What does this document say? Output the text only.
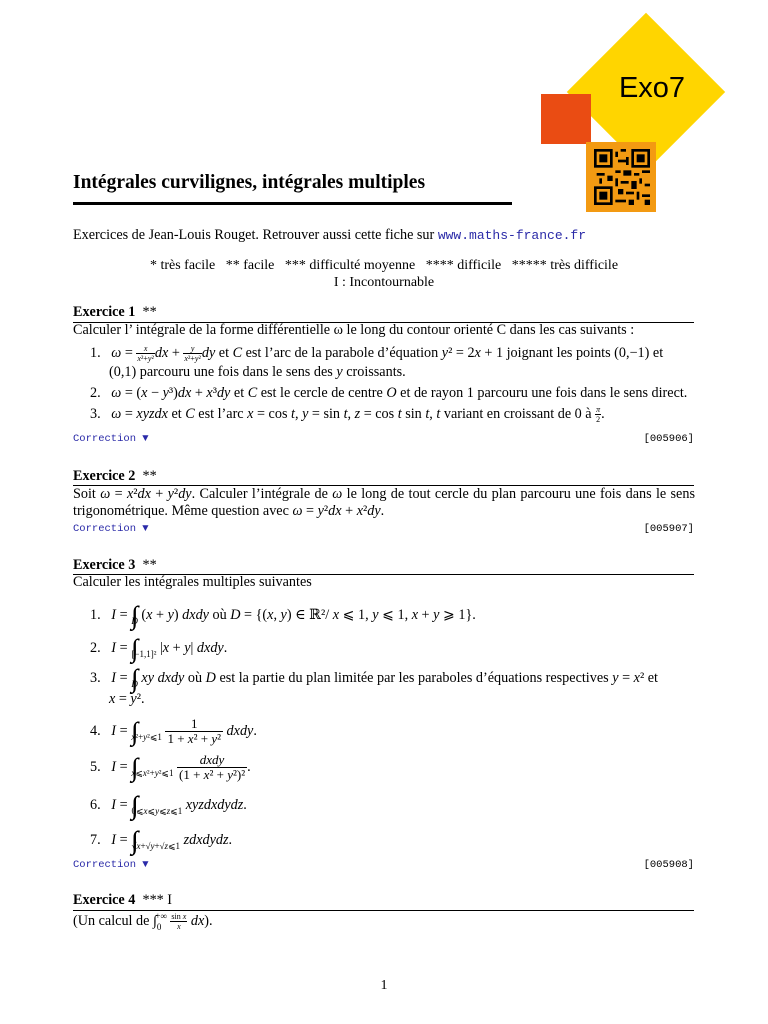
Exo7
Intégrales curvilignes, intégrales multiples
Exercices de Jean-Louis Rouget. Retrouver aussi cette fiche sur www.maths-france.fr
* très facile   ** facile   *** difficulté moyenne   **** difficile   ***** très difficile
I : Incontournable
Exercice 1 **
Calculer l’ intégrale de la forme différentielle ω le long du contour orienté C dans les cas suivants :
1.   $\omega = \frac{x}{\text{x²+y²}}$ dx + $\frac{y}{\text{x²+y²}}$ dy et C est l’arc de la parabole d’équation y² = 2x + 1 joignant les points (0,−1) et
(0,1) parcouru une fois dans le sens des y croissants.
2.   ω = (x − y³)dx + x³dy et C est le cercle de centre O et de rayon 1 parcouru une fois dans le sens direct.
3.   ω = xyzdx et C est l’arc x = cos t, y = sin t, z = cos t sin t, t variant en croissant de 0 à $\frac{\pi}{2}$ .
Correction ▼	[005906]
Exercice 2 **
Soit ω = x²dx + y²dy. Calculer l’intégrale de ω le long de tout cercle du plan parcouru une fois dans le sens trigonométrique. Même question avec ω = y²dx + x²dy.
Correction ▼	[005907]
Exercice 3 **
Calculer les intégrales multiples suivantes
1.   $I = \int\int_D$ (x + y) dxdy où D = {(x, y) ∈ ℝ²/ x ⩽ 1, y ⩽ 1, x + y ⩾ 1}.
2.   $I = \int\int_{[-1,1]^2}$ |x + y| dxdy.
3.   $I = \int\int_D$ xy dxdy où D est la partie du plan limitée par les paraboles d’équations respectives y = x² et
x = y².
4.   $I = \int\int_{x^2+y^2⩽1} \frac{1}{\text{1 + x² + y²}}$ dxdy.
5.   $I = \int\int_{x⩽x^2+y^2⩽1} \frac{\text{dxdy}}{\text{(1 + x² + y²)²}}$ .
6.   $I = \int\int\int_{0⩽x⩽y⩽z⩽1}$ xyzdxdydz.
7.   $I = \int\int\int_{√x+√y+√z⩽1}$ zdxdydz.
Correction ▼	[005908]
Exercice 4 *** I
(Un calcul de $\int_0^{+\infty} \frac{\text{sin x}}{x} dx$).
1
